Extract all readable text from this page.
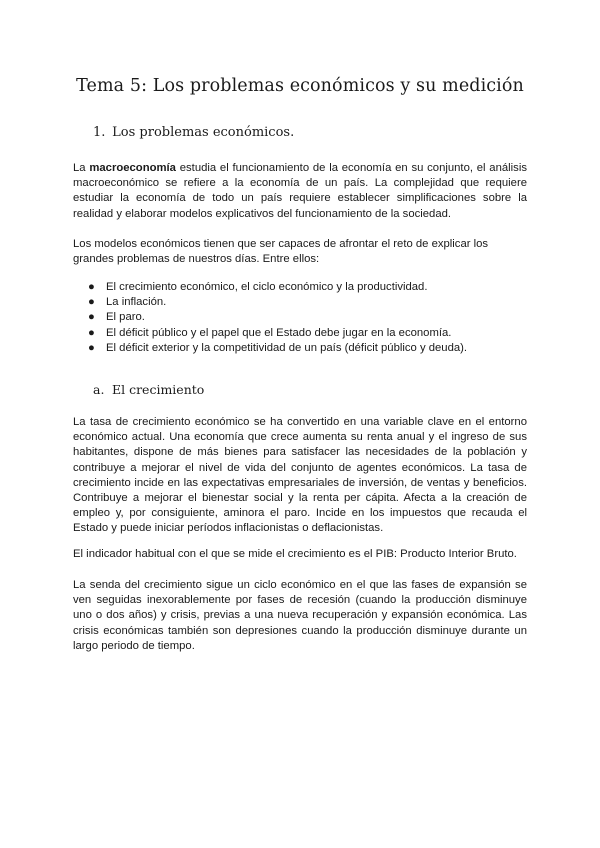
Tema 5: Los problemas económicos y su medición
1. Los problemas económicos.

La macroeconomía estudia el funcionamiento de la economía en su conjunto, el análisis macroeconómico se refiere a la economía de un país. La complejidad que requiere estudiar la economía de todo un país requiere establecer simplificaciones sobre la realidad y elaborar modelos explicativos del funcionamiento de la sociedad.

Los modelos económicos tienen que ser capaces de afrontar el reto de explicar los grandes problemas de nuestros días. Entre ellos:

● El crecimiento económico, el ciclo económico y la productividad.
● La inflación.
● El paro.
● El déficit público y el papel que el Estado debe jugar en la economía.
● El déficit exterior y la competitividad de un país (déficit público y deuda).
a. El crecimiento

La tasa de crecimiento económico se ha convertido en una variable clave en el entorno económico actual. Una economía que crece aumenta su renta anual y el ingreso de sus habitantes, dispone de más bienes para satisfacer las necesidades de la población y contribuye a mejorar el nivel de vida del conjunto de agentes económicos. La tasa de crecimiento incide en las expectativas empresariales de inversión, de ventas y beneficios. Contribuye a mejorar el bienestar social y la renta per cápita. Afecta a la creación de empleo y, por consiguiente, aminora el paro. Incide en los impuestos que recauda el Estado y puede iniciar períodos inflacionistas o deflacionistas.

El indicador habitual con el que se mide el crecimiento es el PIB: Producto Interior Bruto.

La senda del crecimiento sigue un ciclo económico en el que las fases de expansión se ven seguidas inexorablemente por fases de recesión (cuando la producción disminuye uno o dos años) y crisis, previas a una nueva recuperación y expansión económica. Las crisis económicas también son depresiones cuando la producción disminuye durante un largo periodo de tiempo.
